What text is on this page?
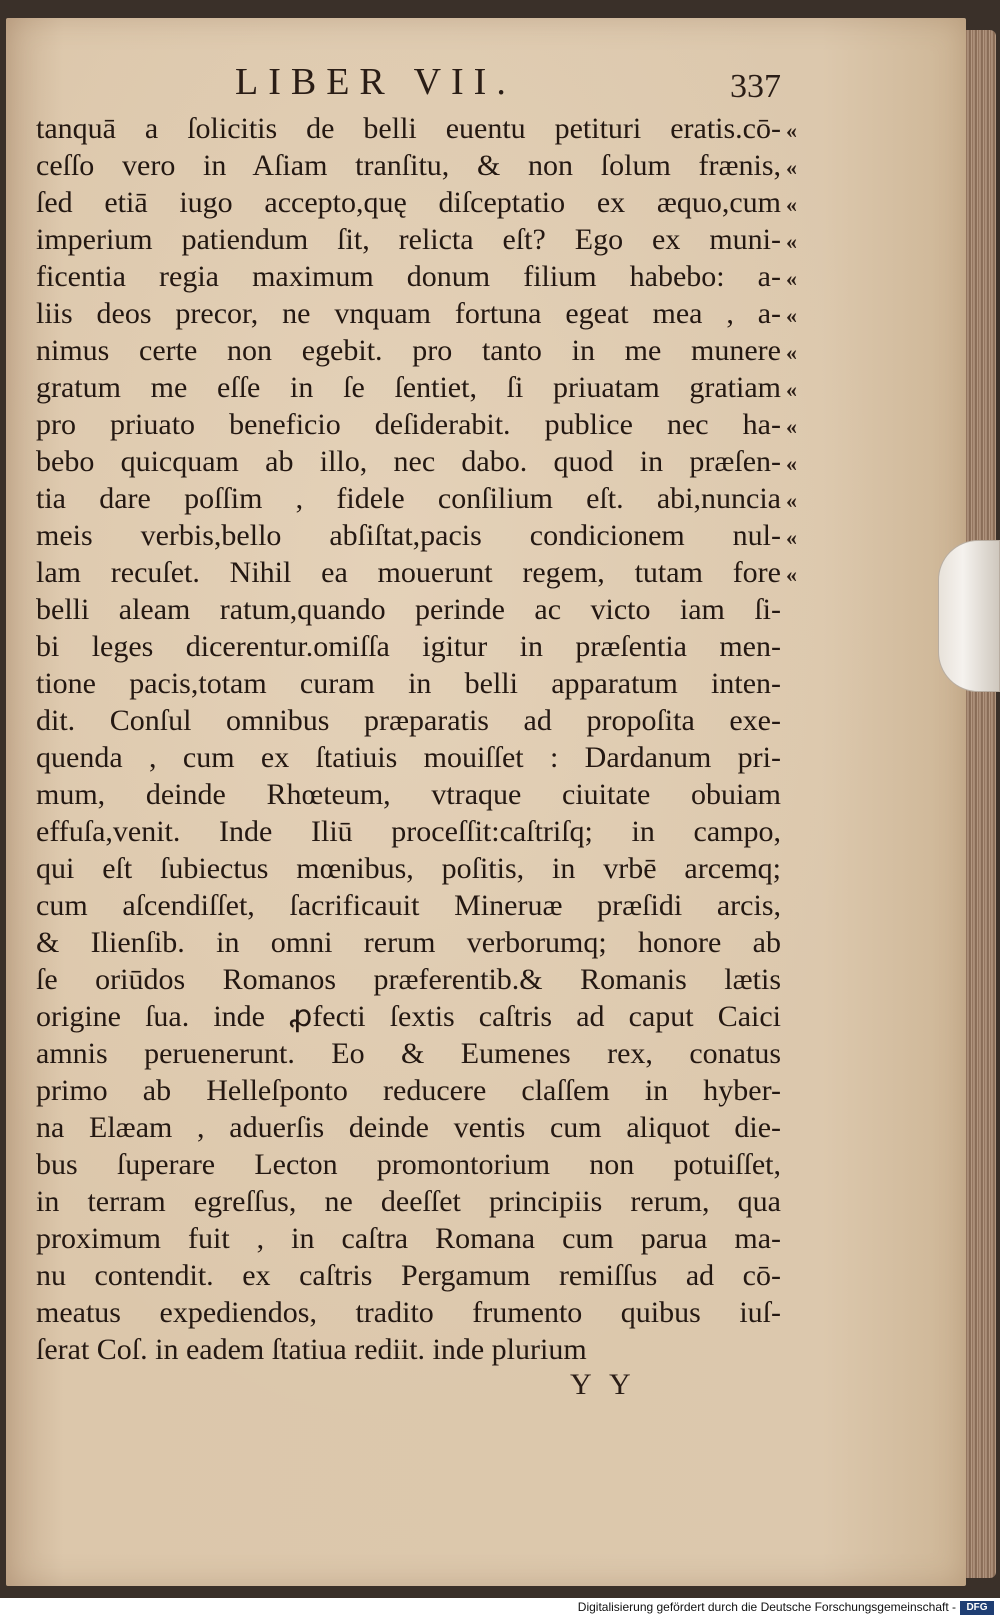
LIBER VII.	337
tanquā a ſolicitis de belli euentu petituri eratis.cō-
ceſſo vero in Aſiam tranſitu, & non ſolum frænis,
ſed etiā iugo accepto,quę diſceptatio ex æquo,cum
imperium patiendum ſit, relicta eſt? Ego ex muni-
ficentia regia maximum donum filium habebo: a-
liis deos precor, ne vnquam fortuna egeat mea , a-
nimus certe non egebit. pro tanto in me munere
gratum me eſſe in ſe ſentiet, ſi priuatam gratiam
pro priuato beneficio deſiderabit. publice nec ha-
bebo quicquam ab illo, nec dabo. quod in præſen-
tia dare poſſim , fidele conſilium eſt. abi,nuncia
meis verbis,bello abſiſtat,pacis condicionem nul-
lam recuſet. Nihil ea mouerunt regem, tutam fore
belli aleam ratum,quando perinde ac victo iam ſi-
bi leges dicerentur.omiſſa igitur in præſentia men-
tione pacis,totam curam in belli apparatum inten-
dit. Conſul omnibus præparatis ad propoſita exe-
quenda , cum ex ſtatiuis mouiſſet : Dardanum pri-
mum, deinde Rhœteum, vtraque ciuitate obuiam
effuſa,venit. Inde Iliū proceſſit:caſtriſq; in campo,
qui eſt ſubiectus mœnibus, poſitis, in vrbē arcemq;
cum aſcendiſſet, ſacrificauit Mineruæ præſidi arcis,
& Ilienſib. in omni rerum verborumq; honore ab
ſe oriūdos Romanos præferentib.& Romanis lætis
origine ſua. inde ꝓfecti ſextis caſtris ad caput Caici
amnis peruenerunt. Eo & Eumenes rex, conatus
primo ab Helleſponto reducere claſſem in hyber-
na Elæam , aduerſis deinde ventis cum aliquot die-
bus ſuperare Lecton promontorium non potuiſſet,
in terram egreſſus, ne deeſſet principiis rerum, qua
proximum fuit , in caſtra Romana cum parua ma-
nu contendit. ex caſtris Pergamum remiſſus ad cō-
meatus expediendos, tradito frumento quibus iuſ-
ſerat Coſ. in eadem ſtatiua rediit. inde plurium
«
«
«
«
«
«
«
«
«
«
«
«
«
Y Y
Digitalisierung gefördert durch die Deutsche Forschungsgemeinschaft -	DFG
